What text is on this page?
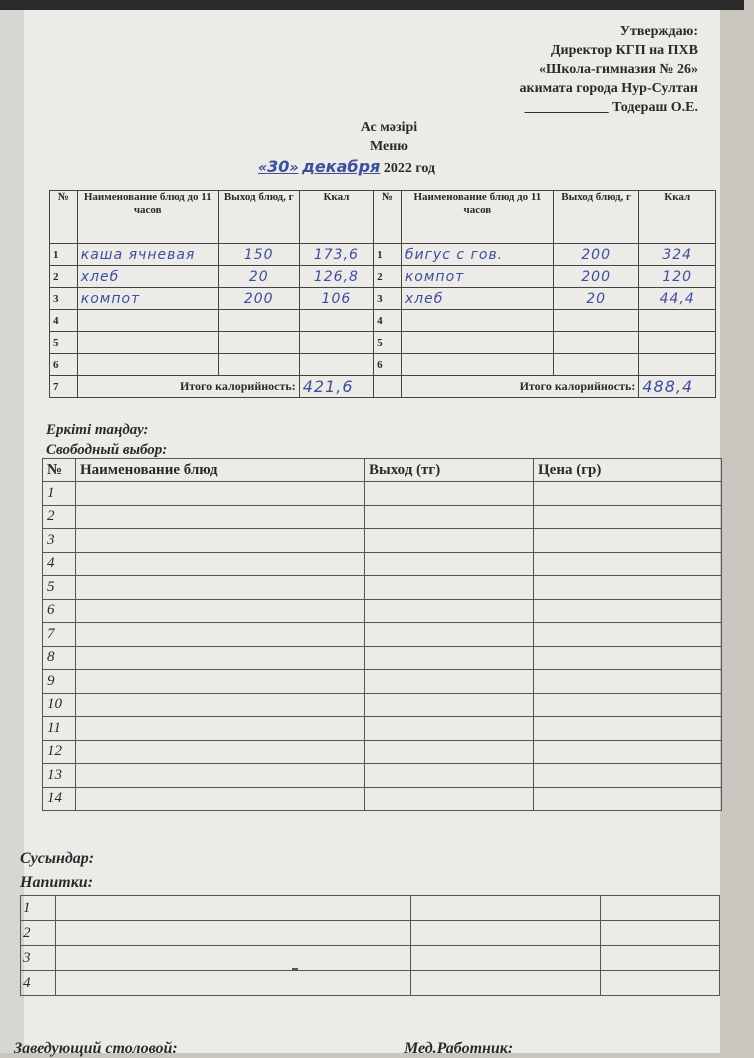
Утверждаю:
Директор КГП на ПХВ
«Школа-гимназия № 26»
акимата города Нур-Султан
____________ Тодераш О.Е.
Ас мәзірі
Меню
«30» декабря 2022 год
№	Наименование блюд до 11 часов	Выход блюд, г	Ккал	№	Наименование блюд до 11 часов	Выход блюд, г	Ккал
1	каша ячневая	150	173,6	1	бигус с гов.	200	324
2	хлеб	20	126,8	2	компот	200	120
3	компот	200	106	3	хлеб	20	44,4
4				4			
5				5			
6				6			
7	Итого калорийность:		421,6		Итого калорийность:		488,4
Еркіті таңдау:
Свободный выбор:
№	Наименование блюд	Выход (тг)	Цена (гр)
1			
2			
3			
4			
5			
6			
7			
8			
9			
10			
11			
12			
13			
14			
Сусындар:
Напитки:
1			
2			
3			
4			
Заведующий столовой:	Мед.Работник:
